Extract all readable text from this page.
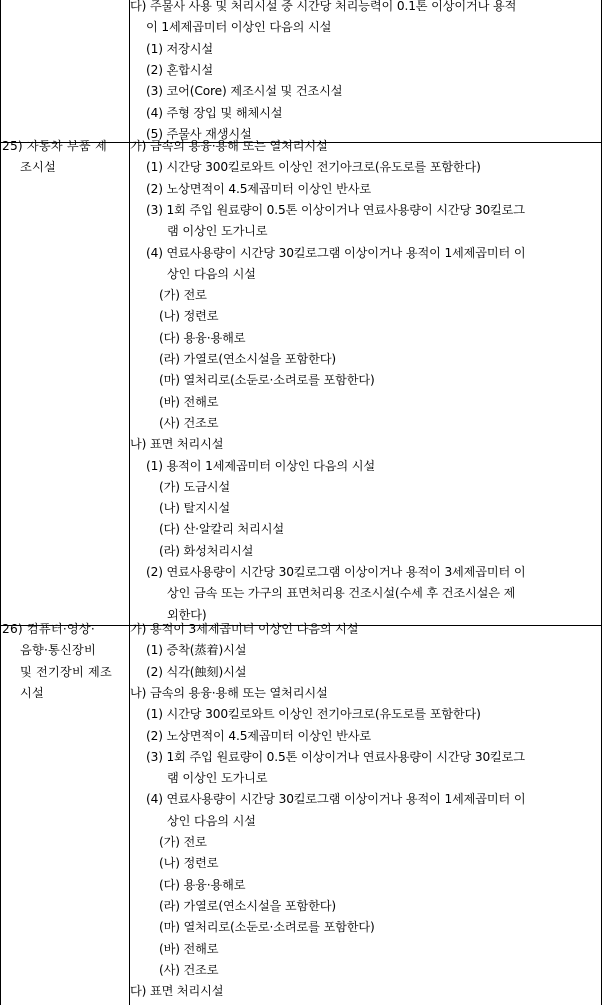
다) 주물사 사용 및 처리시설 중 시간당 처리능력이 0.1톤 이상이거나 용적
이 1세제곱미터 이상인 다음의 시설
(1) 저장시설
(2) 혼합시설
(3) 코어(Core) 제조시설 및 건조시설
(4) 주형 장입 및 해체시설
(5) 주물사 재생시설
25) 자동차 부품 제
조시설
가) 금속의 용융·용해 또는 열처리시설
(1) 시간당 300킬로와트 이상인 전기아크로(유도로를 포함한다)
(2) 노상면적이 4.5제곱미터 이상인 반사로
(3) 1회 주입 원료량이 0.5톤 이상이거나 연료사용량이 시간당 30킬로그
램 이상인 도가니로
(4) 연료사용량이 시간당 30킬로그램 이상이거나 용적이 1세제곱미터 이
상인 다음의 시설
(가) 전로
(나) 정련로
(다) 용융·용해로
(라) 가열로(연소시설을 포함한다)
(마) 열처리로(소둔로·소려로를 포함한다)
(바) 전해로
(사) 건조로
나) 표면 처리시설
(1) 용적이 1세제곱미터 이상인 다음의 시설
(가) 도금시설
(나) 탈지시설
(다) 산·알칼리 처리시설
(라) 화성처리시설
(2) 연료사용량이 시간당 30킬로그램 이상이거나 용적이 3세제곱미터 이
상인 금속 또는 가구의 표면처리용 건조시설(수세 후 건조시설은 제
외한다)
26) 컴퓨터·영상·
음향·통신장비
및 전기장비 제조
시설
가) 용적이 3세제곱미터 이상인 다음의 시설
(1) 증착(蒸着)시설
(2) 식각(蝕刻)시설
나) 금속의 용융·용해 또는 열처리시설
(1) 시간당 300킬로와트 이상인 전기아크로(유도로를 포함한다)
(2) 노상면적이 4.5제곱미터 이상인 반사로
(3) 1회 주입 원료량이 0.5톤 이상이거나 연료사용량이 시간당 30킬로그
램 이상인 도가니로
(4) 연료사용량이 시간당 30킬로그램 이상이거나 용적이 1세제곱미터 이
상인 다음의 시설
(가) 전로
(나) 정련로
(다) 용융·용해로
(라) 가열로(연소시설을 포함한다)
(마) 열처리로(소둔로·소려로를 포함한다)
(바) 전해로
(사) 건조로
다) 표면 처리시설
